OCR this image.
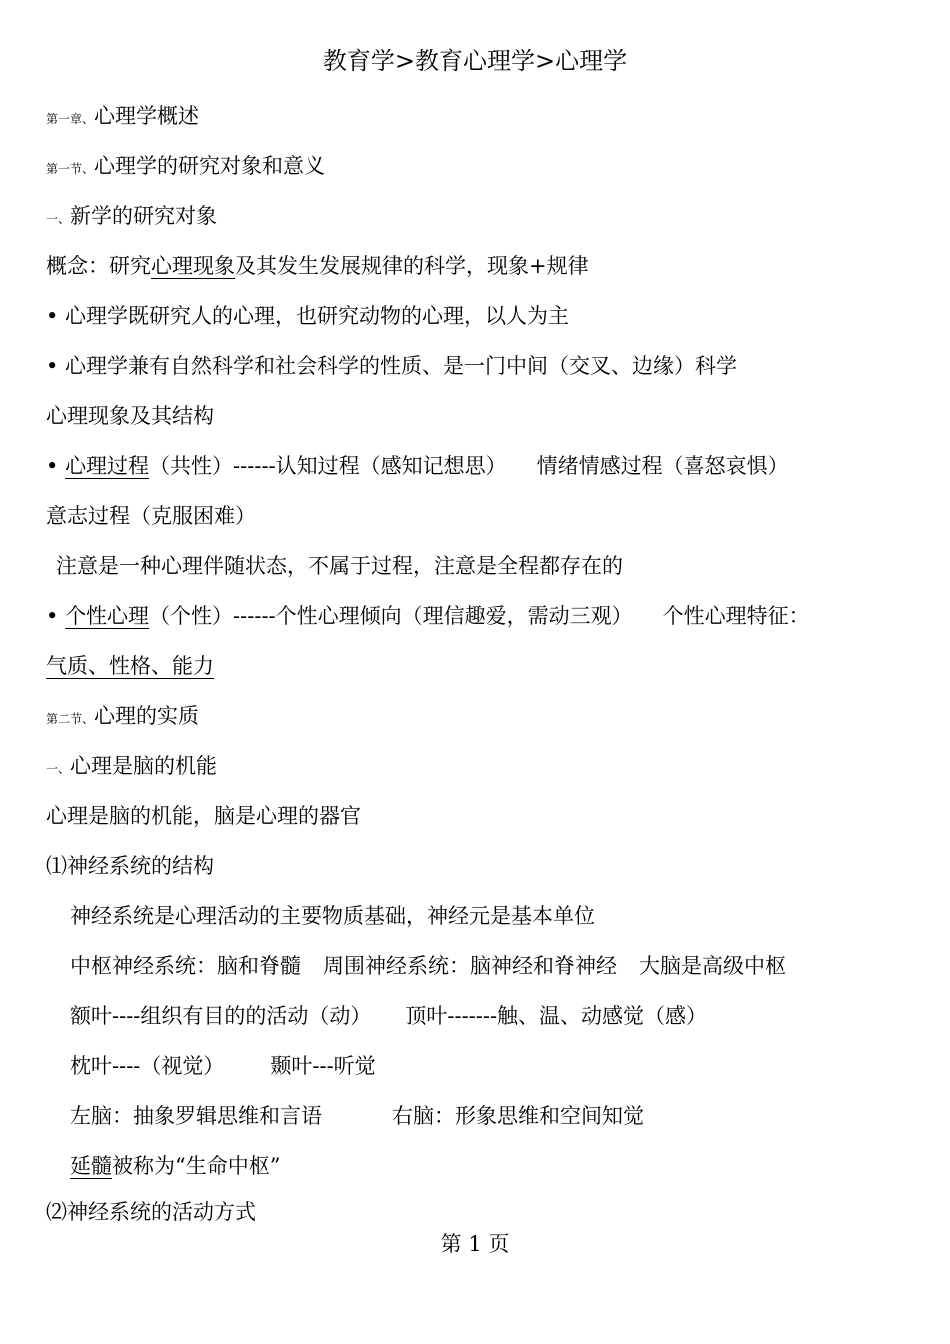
教育学>教育心理学>心理学
第一章、心理学概述
第一节、心理学的研究对象和意义
一、新学的研究对象
概念：研究心理现象及其发生发展规律的科学，现象+规律
• 心理学既研究人的心理，也研究动物的心理，以人为主
• 心理学兼有自然科学和社会科学的性质、是一门中间（交叉、边缘）科学
心理现象及其结构
• 心理过程（共性）------认知过程（感知记想思） 情绪情感过程（喜怒哀惧）
意志过程（克服困难）
注意是一种心理伴随状态，不属于过程，注意是全程都存在的
• 个性心理（个性）------个性心理倾向（理信趣爱，需动三观） 个性心理特征：
气质、性格、能力
第二节、心理的实质
一、心理是脑的机能
心理是脑的机能，脑是心理的器官
⑴神经系统的结构
神经系统是心理活动的主要物质基础，神经元是基本单位
中枢神经系统：脑和脊髓 周围神经系统：脑神经和脊神经 大脑是高级中枢
额叶----组织有目的的活动（动） 顶叶-------触、温、动感觉（感）
枕叶----（视觉） 颞叶---听觉
左脑：抽象罗辑思维和言语	右脑：形象思维和空间知觉
延髓被称为“生命中枢”
⑵神经系统的活动方式
第 1 页
